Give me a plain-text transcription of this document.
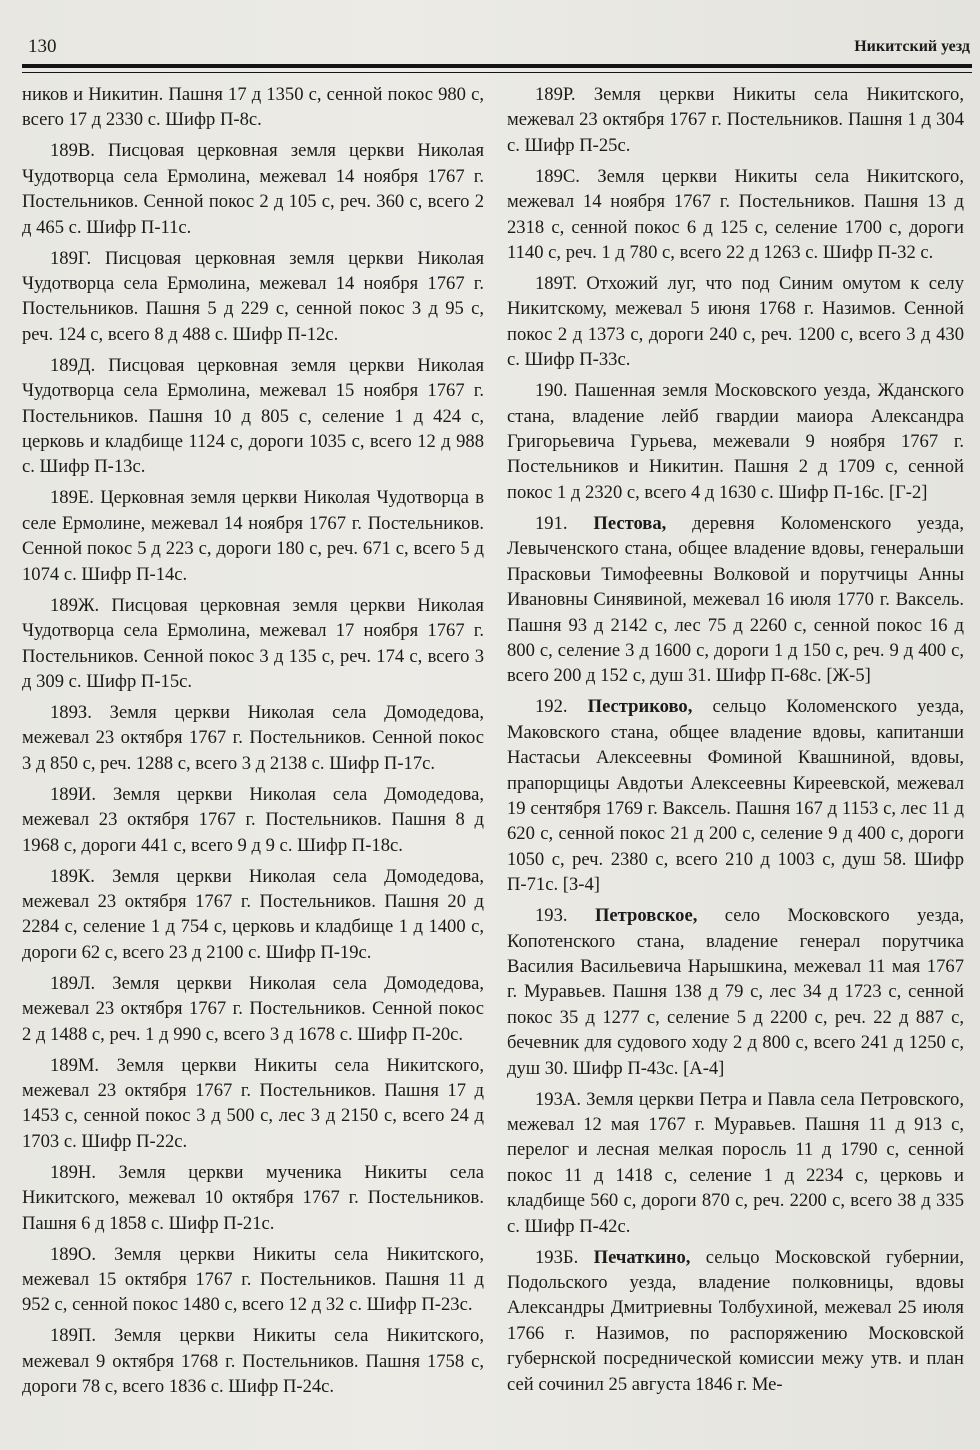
130	Никитский уезд

ников и Никитин. Пашня 17 д 1350 с, сенной покос 980 с, всего 17 д 2330 с. Шифр П-8с.

189В. Писцовая церковная земля церкви Николая Чудотворца села Ермолина, межевал 14 ноября 1767 г. Постельников. Сенной покос 2 д 105 с, реч. 360 с, всего 2 д 465 с. Шифр П-11с.

189Г. Писцовая церковная земля церкви Николая Чудотворца села Ермолина, межевал 14 ноября 1767 г. Постельников. Пашня 5 д 229 с, сенной покос 3 д 95 с, реч. 124 с, всего 8 д 488 с. Шифр П-12с.

189Д. Писцовая церковная земля церкви Николая Чудотворца села Ермолина, межевал 15 ноября 1767 г. Постельников. Пашня 10 д 805 с, селение 1 д 424 с, церковь и кладбище 1124 с, дороги 1035 с, всего 12 д 988 с. Шифр П-13с.

189Е. Церковная земля церкви Николая Чудотворца в селе Ермолине, межевал 14 ноября 1767 г. Постельников. Сенной покос 5 д 223 с, дороги 180 с, реч. 671 с, всего 5 д 1074 с. Шифр П-14с.

189Ж. Писцовая церковная земля церкви Николая Чудотворца села Ермолина, межевал 17 ноября 1767 г. Постельников. Сенной покос 3 д 135 с, реч. 174 с, всего 3 д 309 с. Шифр П-15с.

189З. Земля церкви Николая села Домодедова, межевал 23 октября 1767 г. Постельников. Сенной покос 3 д 850 с, реч. 1288 с, всего 3 д 2138 с. Шифр П-17с.

189И. Земля церкви Николая села Домодедова, межевал 23 октября 1767 г. Постельников. Пашня 8 д 1968 с, дороги 441 с, всего 9 д 9 с. Шифр П-18с.

189К. Земля церкви Николая села Домодедова, межевал 23 октября 1767 г. Постельников. Пашня 20 д 2284 с, селение 1 д 754 с, церковь и кладбище 1 д 1400 с, дороги 62 с, всего 23 д 2100 с. Шифр П-19с.

189Л. Земля церкви Николая села Домодедова, межевал 23 октября 1767 г. Постельников. Сенной покос 2 д 1488 с, реч. 1 д 990 с, всего 3 д 1678 с. Шифр П-20с.

189М. Земля церкви Никиты села Никитского, межевал 23 октября 1767 г. Постельников. Пашня 17 д 1453 с, сенной покос 3 д 500 с, лес 3 д 2150 с, всего 24 д 1703 с. Шифр П-22с.

189Н. Земля церкви мученика Никиты села Никитского, межевал 10 октября 1767 г. Постельников. Пашня 6 д 1858 с. Шифр П-21с.

189О. Земля церкви Никиты села Никитского, межевал 15 октября 1767 г. Постельников. Пашня 11 д 952 с, сенной покос 1480 с, всего 12 д 32 с. Шифр П-23с.

189П. Земля церкви Никиты села Никитского, межевал 9 октября 1768 г. Постельников. Пашня 1758 с, дороги 78 с, всего 1836 с. Шифр П-24с.

189Р. Земля церкви Никиты села Никитского, межевал 23 октября 1767 г. Постельников. Пашня 1 д 304 с. Шифр П-25с.

189С. Земля церкви Никиты села Никитского, межевал 14 ноября 1767 г. Постельников. Пашня 13 д 2318 с, сенной покос 6 д 125 с, селение 1700 с, дороги 1140 с, реч. 1 д 780 с, всего 22 д 1263 с. Шифр П-32 с.

189Т. Отхожий луг, что под Синим омутом к селу Никитскому, межевал 5 июня 1768 г. Назимов. Сенной покос 2 д 1373 с, дороги 240 с, реч. 1200 с, всего 3 д 430 с. Шифр П-33с.

190. Пашенная земля Московского уезда, Жданского стана, владение лейб гвардии маиора Александра Григорьевича Гурьева, межевали 9 ноября 1767 г. Постельников и Никитин. Пашня 2 д 1709 с, сенной покос 1 д 2320 с, всего 4 д 1630 с. Шифр П-16с. [Г-2]

191. Пестова, деревня Коломенского уезда, Левыченского стана, общее владение вдовы, генеральши Прасковьи Тимофеевны Волковой и порутчицы Анны Ивановны Синявиной, межевал 16 июля 1770 г. Ваксель. Пашня 93 д 2142 с, лес 75 д 2260 с, сенной покос 16 д 800 с, селение 3 д 1600 с, дороги 1 д 150 с, реч. 9 д 400 с, всего 200 д 152 с, душ 31. Шифр П-68с. [Ж-5]

192. Пестриково, сельцо Коломенского уезда, Маковского стана, общее владение вдовы, капитанши Настасьи Алексеевны Фоминой Квашниной, вдовы, прапорщицы Авдотьи Алексеевны Киреевской, межевал 19 сентября 1769 г. Ваксель. Пашня 167 д 1153 с, лес 11 д 620 с, сенной покос 21 д 200 с, селение 9 д 400 с, дороги 1050 с, реч. 2380 с, всего 210 д 1003 с, душ 58. Шифр П-71с. [З-4]

193. Петровское, село Московского уезда, Копотенского стана, владение генерал порутчика Василия Васильевича Нарышкина, межевал 11 мая 1767 г. Муравьев. Пашня 138 д 79 с, лес 34 д 1723 с, сенной покос 35 д 1277 с, селение 5 д 2200 с, реч. 22 д 887 с, бечевник для судового ходу 2 д 800 с, всего 241 д 1250 с, душ 30. Шифр П-43с. [А-4]

193А. Земля церкви Петра и Павла села Петровского, межевал 12 мая 1767 г. Муравьев. Пашня 11 д 913 с, перелог и лесная мелкая поросль 11 д 1790 с, сенной покос 11 д 1418 с, селение 1 д 2234 с, церковь и кладбище 560 с, дороги 870 с, реч. 2200 с, всего 38 д 335 с. Шифр П-42с.

193Б. Печаткино, сельцо Московской губернии, Подольского уезда, владение полковницы, вдовы Александры Дмитриевны Толбухиной, межевал 25 июля 1766 г. Назимов, по распоряжению Московской губернской посреднической комиссии межу утв. и план сей сочинил 25 августа 1846 г. Ме-
